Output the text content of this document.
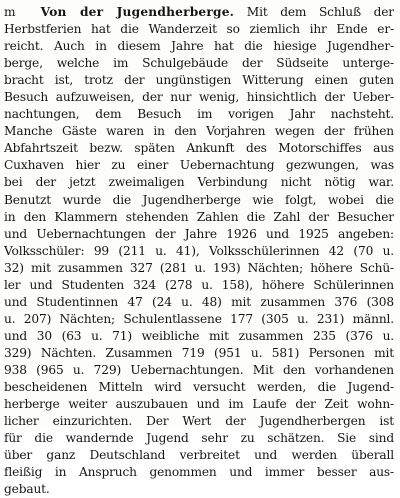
m Von der Jugendherberge. Mit dem Schluß der
Herbstferien hat die Wanderzeit so ziemlich ihr Ende er-
reicht. Auch in diesem Jahre hat die hiesige Jugendher-
berge, welche im Schulgebäude der Südseite unterge-
bracht ist, trotz der ungünstigen Witterung einen guten
Besuch aufzuweisen, der nur wenig, hinsichtlich der Ueber-
nachtungen, dem Besuch im vorigen Jahr nachsteht.
Manche Gäste waren in den Vorjahren wegen der frühen
Abfahrtszeit bezw. späten Ankunft des Motorschiffes aus
Cuxhaven hier zu einer Uebernachtung gezwungen, was
bei der jetzt zweimaligen Verbindung nicht nötig war.
Benutzt wurde die Jugendherberge wie folgt, wobei die
in den Klammern stehenden Zahlen die Zahl der Besucher
und Uebernachtungen der Jahre 1926 und 1925 angeben:
Volksschüler: 99 (211 u. 41), Volksschülerinnen 42 (70 u.
32) mit zusammen 327 (281 u. 193) Nächten; höhere Schü-
ler und Studenten 324 (278 u. 158), höhere Schülerinnen
und Studentinnen 47 (24 u. 48) mit zusammen 376 (308
u. 207) Nächten; Schulentlassene 177 (305 u. 231) männl.
und 30 (63 u. 71) weibliche mit zusammen 235 (376 u.
329) Nächten. Zusammen 719 (951 u. 581) Personen mit
938 (965 u. 729) Uebernachtungen. Mit den vorhandenen
bescheidenen Mitteln wird versucht werden, die Jugend-
herberge weiter auszubauen und im Laufe der Zeit wohn-
licher einzurichten. Der Wert der Jugendherbergen ist
für die wandernde Jugend sehr zu schätzen. Sie sind
über ganz Deutschland verbreitet und werden überall
fleißig in Anspruch genommen und immer besser aus-
gebaut.
